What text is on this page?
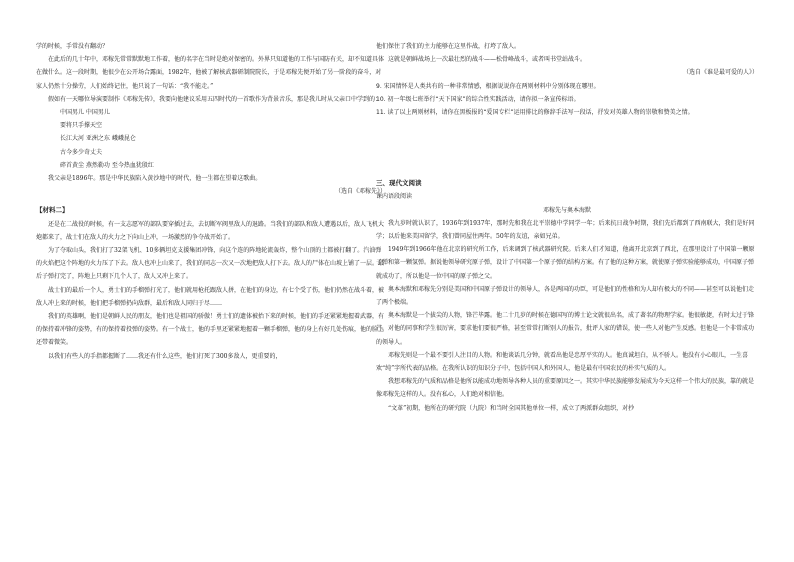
学的时候，手常没有翻动？

在此后的几十年中，邓稼先常常默默地工作着，他的名字在当时是绝对保密的。外界只知道他的工作与国防有关，却不知道具体在做什么。这一段时期，他很少在公开场合露面，1982年，他被了解核武器研制院院长，于是邓稼先便开始了另一阶段的奋斗，对家人仍然十分操劳，人们始终记住，他只说了一句话：“我不能走。”

假如有一天哪位导演要制作《邓稼先传》，我要向他建议采用五四时代的一首歌作为背景音乐，那是我儿时从父亲口中学到的：

中国男儿 中国男儿

要将只手撑天空

长江大河 亚洲之东 峨峨昆仑

古今多少奇丈夫

碎首黄尘 燕然勒功 至今热血犹殷红

我父亲是1896年。那是中华民族陷入黄沙地中的时代，他一生都在望着这歌曲。

（选自《邓稼先》）

【材料二】

还是在二战役的时候，有一支志愿军的部队要穿插过去，去切断军阀里敌人的退路。当我们的部队和敌人遭遇以后，敌人飞机大炮都来了，战士们在敌人的火力之下向山上冲，一场激烈的争夺战开始了。

为了夺取山头，我们打了32架飞机、10多辆坦克支援集团冲锋，向这个连的阵地轮流轰炸，整个山顶的土都被打翻了。汽油弹的火焰把这个阵地的火力压了下去。敌人也冲上山来了，我们的同志一次又一次地把敌人打下去。敌人的尸体在山坡上铺了一层。最后子弹打完了，阵地上只剩下几个人了，敌人又冲上来了。

战士们的最后一个人，勇士们的手榴弹打光了，他们就用枪托跟敌人拼，在他们的身边，有七个受了伤，他们仍然在战斗着，被敌人冲上来的时候，他们把手榴弹扔向敌群，最后和敌人同归于尽……

我们的英雄啊，他们是朝鲜人民的朋友，他们也是祖国的骄傲！勇士们的遗体被抬下来的时候，他们的手还紧紧地握着武器，有的保持着冲锋的姿势，有的保持着投弹的姿势。有一个战士，他的手里还紧紧地握着一颗手榴弹，他的身上有好几处伤痕，他的脸上还带着微笑。

以我们有些人的手指都握断了……我还有什么这些，他们打死了300多敌人，更重要的，

他们保住了我们的主力能够在这里作战，打垮了敌人。

这就是朝鲜战场上一次最壮烈的战斗——松骨峰战斗，或者叫书堂站战斗。

（选自《谁是最可爱的人》）

9. 宋国情怀是人类共有的一种非常情感，根据说说你在两则材料中分别体现在哪里。

10. 初一年级七班举行“天下国家”的综合性实践活动，请你拟一条宣传标语。

11. 读了以上两则材料，请你在黑板报的“爱国专栏”运用排比的修辞手法写一段话，抒发对英雄人物的崇敬和赞美之情。

三、现代文阅读

课内语段阅读

邓稼先与奥本海默

我九岁时就认识了，1936年到1937年，那时先和我在北平崇德中学同学一年；后来抗日战争时期，我们先后都到了西南联大，我们是好同学；以后他来美国留学，我们曾同屋住两年。50年的友谊，亲如兄弟。

1949年到1966年他在北京的研究所工作，后来调到了核武器研究院。后来人们才知道，他离开北京到了西北，在那里设计了中国第一颗原子弹和第一颗氢弹。据说他领导研究原子弹，设计了中国第一个原子弹的结构方案。有了他的这种方案，就使原子弹实验能够成功，中国原子弹就成功了，所以他是一位中国的原子弹之父。

奥本海默和邓稼先分别是美国和中国原子弹设计的领导人，各是两国的功臣，可是他们的性格和为人却有极大的不同——甚至可以说他们走了两个极端。

奥本海默是一个拔尖的人物，锋芒毕露。他二十几岁的时候在德国写的博士论文就很出名，成了著名的物理学家。他很敏捷，有时太过于锋芒，对他的同事和学生很厉害，要求他们要很严格，甚至常常打断别人的报告，批评人家的错误，使一些人对他产生反感。但他是一个非常成功的领导人。

邓稼先则是一个最不要引人注目的人物。和他谈话几分钟，就看出他是忠厚平实的人。他真诚坦白，从不骄人。他没有小心眼儿，一生喜欢“纯”字所代表的品格。在我所认识的知识分子中，包括中国人和外国人，他是最有中国农民的朴实气质的人。

我想邓稼先的气质和品格是他所以能成功地领导各种人员的重要原因之一。其实中华民族能够发展成为今天这样一个伟大的民族，靠的就是像邓稼先这样的人。没有私心，人们绝对相信他。

“文革”初期，他所在的研究院（九院）和当时全国其他单位一样，成立了两派群众组织，对抄
